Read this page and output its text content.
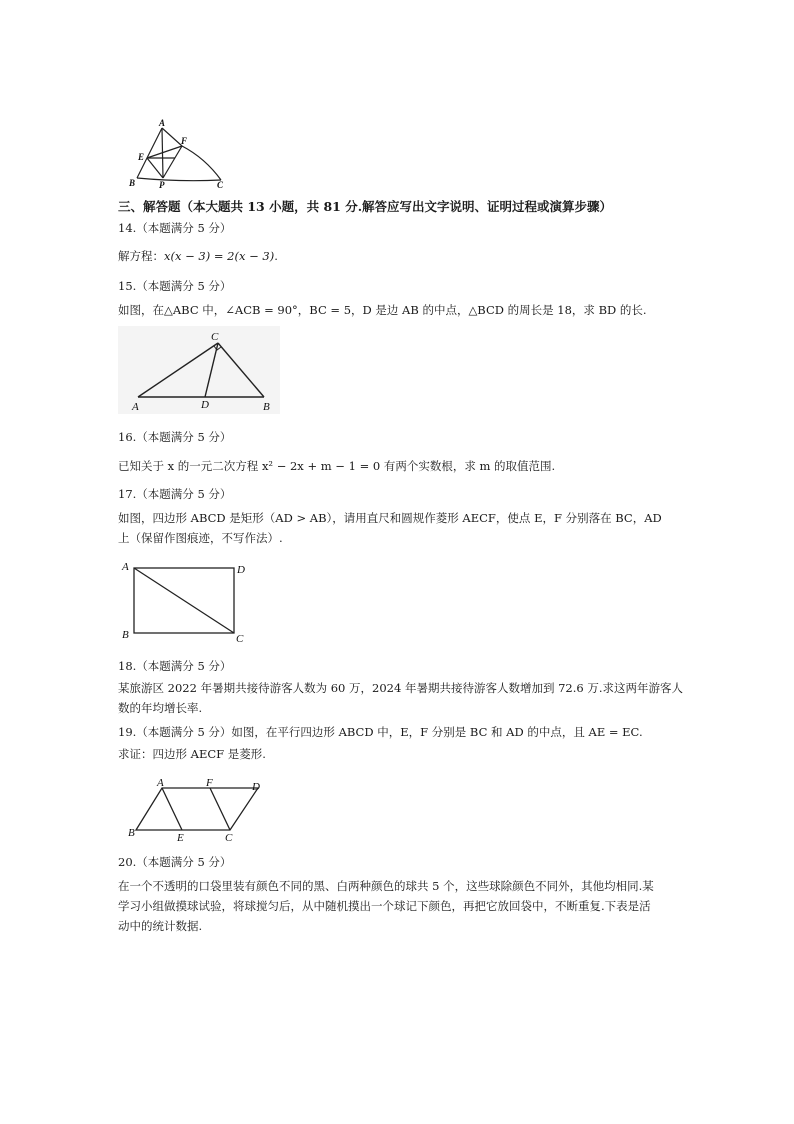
A
E
F
B	P	C
三、解答题（本大题共 13 小题，共 81 分.解答应写出文字说明、证明过程或演算步骤）
14.（本题满分 5 分）
解方程：x(x − 3) = 2(x − 3).
15.（本题满分 5 分）
如图，在△ABC 中，∠ACB = 90°，BC = 5，D 是边 AB 的中点，△BCD 的周长是 18，求 BD 的长.
C
A	D	B
16.（本题满分 5 分）
已知关于 x 的一元二次方程 x² − 2x + m − 1 = 0 有两个实数根，求 m 的取值范围.
17.（本题满分 5 分）
如图，四边形 ABCD 是矩形（AD > AB），请用直尺和圆规作菱形 AECF，使点 E，F 分别落在 BC，AD
上（保留作图痕迹，不写作法）.
A	D
B	C
18.（本题满分 5 分）
某旅游区 2022 年暑期共接待游客人数为 60 万，2024 年暑期共接待游客人数增加到 72.6 万.求这两年游客人
数的年均增长率.
19.（本题满分 5 分）如图，在平行四边形 ABCD 中，E，F 分别是 BC 和 AD 的中点，且 AE = EC.
求证：四边形 AECF 是菱形.
A	F	D
B	E	C
20.（本题满分 5 分）
在一个不透明的口袋里装有颜色不同的黑、白两种颜色的球共 5 个，这些球除颜色不同外，其他均相同.某
学习小组做摸球试验，将球搅匀后，从中随机摸出一个球记下颜色，再把它放回袋中，不断重复.下表是活
动中的统计数据.
